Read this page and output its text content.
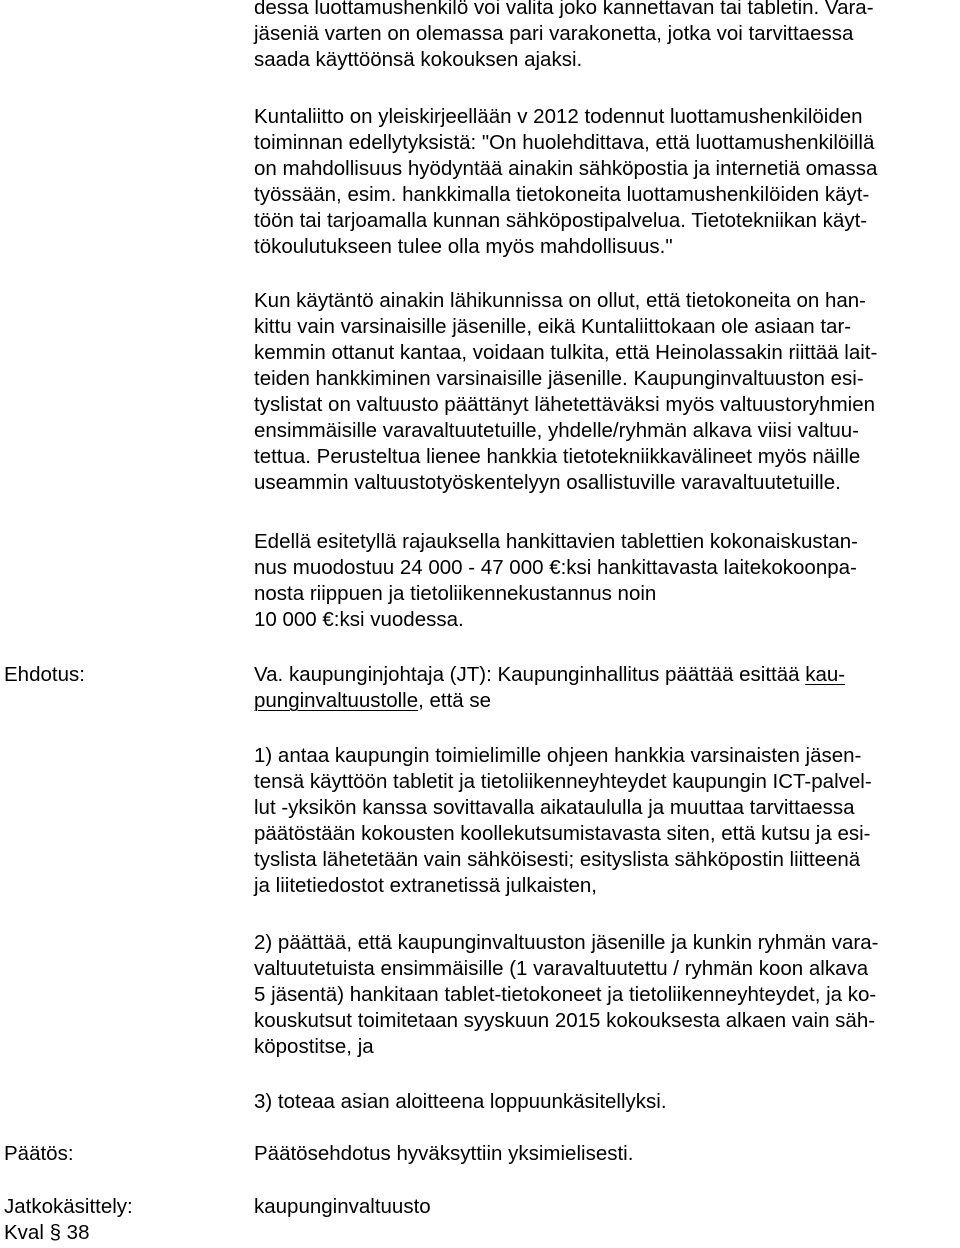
dessa luottamushenkilö voi valita joko kannettavan tai tabletin. Vara-
jäseniä varten on olemassa pari varakonetta, jotka voi tarvittaessa
saada käyttöönsä kokouksen ajaksi.
Kuntaliitto on yleiskirjeellään v 2012 todennut luottamushenkilöiden
toiminnan edellytyksistä: "On huolehdittava, että luottamushenkilöillä
on mahdollisuus hyödyntää ainakin sähköpostia ja internetiä omassa
työssään, esim. hankkimalla tietokoneita luottamushenkilöiden käyt-
töön tai tarjoamalla kunnan sähköpostipalvelua. Tietotekniikan käyt-
tökoulutukseen tulee olla myös mahdollisuus."
Kun käytäntö ainakin lähikunnissa on ollut, että tietokoneita on han-
kittu vain varsinaisille jäsenille, eikä Kuntaliittokaan ole asiaan tar-
kemmin ottanut kantaa, voidaan tulkita, että Heinolassakin riittää lait-
teiden hankkiminen varsinaisille jäsenille. Kaupunginvaltuuston esi-
tyslistat on valtuusto päättänyt lähetettäväksi myös valtuustoryhmien
ensimmäisille varavaltuutetuille, yhdelle/ryhmän alkava viisi valtuu-
tettua. Perusteltua lienee hankkia tietotekniikkavälineet myös näille
useammin valtuustotyöskentelyyn osallistuville varavaltuutetuille.
Edellä esitetyllä rajauksella hankittavien tablettien kokonaiskustan-
nus muodostuu 24 000 - 47 000 €:ksi hankittavasta laitekokoonpa-
nosta riippuen ja tietoliikennekustannus noin
10 000 €:ksi vuodessa.
Ehdotus:	Va. kaupunginjohtaja (JT): Kaupunginhallitus päättää esittää kau-
punginvaltuustolle, että se
1) antaa kaupungin toimielimille ohjeen hankkia varsinaisten jäsen-
tensä käyttöön tabletit ja tietoliikenneyhteydet kaupungin ICT-palvel-
lut -yksikön kanssa sovittavalla aikataululla ja muuttaa tarvittaessa
päätöstään kokousten koollekutsumistavasta siten, että kutsu ja esi-
tyslista lähetetään vain sähköisesti; esityslista sähköpostin liitteenä
ja liitetiedostot extranetissä julkaisten,
2) päättää, että kaupunginvaltuuston jäsenille ja kunkin ryhmän vara-
valtuutetuista ensimmäisille (1 varavaltuutettu / ryhmän koon alkava
5 jäsentä) hankitaan tablet-tietokoneet ja tietoliikenneyhteydet, ja ko-
kouskutsut toimitetaan syyskuun 2015 kokouksesta alkaen vain säh-
köpostitse, ja
3) toteaa asian aloitteena loppuunkäsitellyksi.
Päätös:	Päätösehdotus hyväksyttiin yksimielisesti.
Jatkokäsittely:	kaupunginvaltuusto
Kval § 38
